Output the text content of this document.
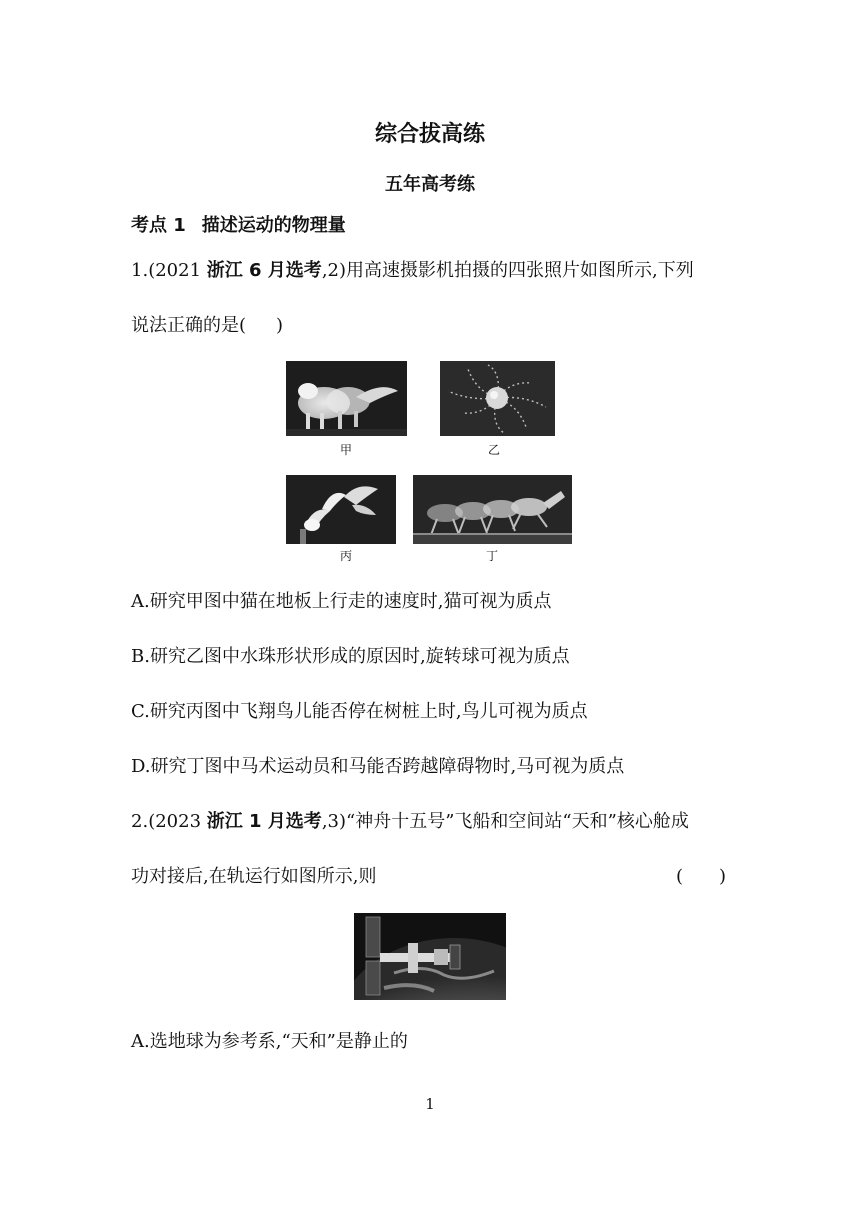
综合拔高练
五年高考练
考点 1 描述运动的物理量
1.(2021 浙江 6 月选考,2)用高速摄影机拍摄的四张照片如图所示,下列
说法正确的是( )
甲	乙
丙	丁
A.研究甲图中猫在地板上行走的速度时,猫可视为质点
B.研究乙图中水珠形状形成的原因时,旋转球可视为质点
C.研究丙图中飞翔鸟儿能否停在树桩上时,鸟儿可视为质点
D.研究丁图中马术运动员和马能否跨越障碍物时,马可视为质点
2.(2023 浙江 1 月选考,3)“神舟十五号”飞船和空间站“天和”核心舱成
功对接后,在轨运行如图所示,则	(　　)
A.选地球为参考系,“天和”是静止的
1
